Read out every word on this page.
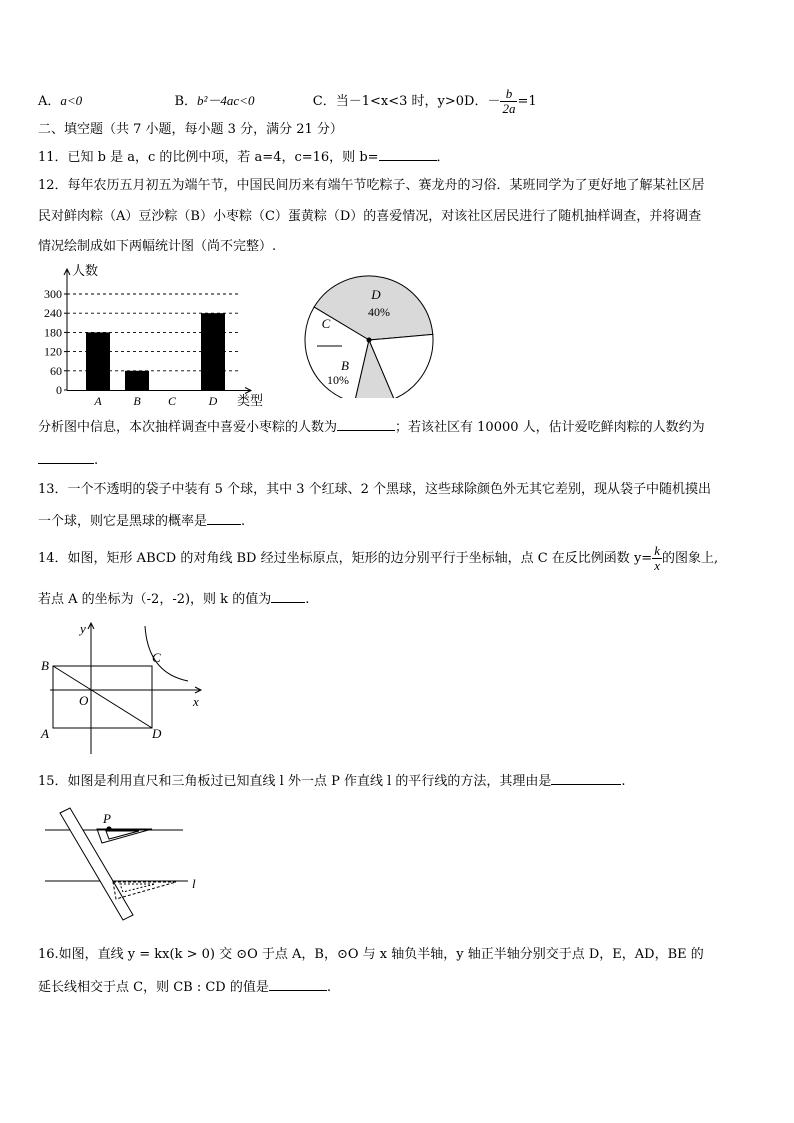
A．a<0	B．b²－4ac<0	C．当－1<x<3 时，y>0D．－ $\frac{b}{2a} =1$
二、填空题（共 7 小题，每小题 3 分，满分 21 分）
11．已知 b 是 a，c 的比例中项，若 a=4，c=16，则 b=	．
12．每年农历五月初五为端午节，中国民间历来有端午节吃粽子、赛龙舟的习俗．某班同学为了更好地了解某社区居
民对鲜肉粽（A）豆沙粽（B）小枣粽（C）蛋黄粽（D）的喜爱情况，对该社区居民进行了随机抽样调查，并将调查
情况绘制成如下两幅统计图（尚不完整）.
0
60
120
180
240
300
人数
类型
A	B C	D
D
40%
B
10%
C
分析图中信息，本次抽样调查中喜爱小枣粽的人数为	；若该社区有 10000 人，估计爱吃鲜肉粽的人数约为
.
13．一个不透明的袋子中装有 5 个球，其中 3 个红球、2 个黑球，这些球除颜色外无其它差别，现从袋子中随机摸出
一个球，则它是黑球的概率是	.
14．如图，矩形 ABCD 的对角线 BD 经过坐标原点，矩形的边分别平行于坐标轴，点 C 在反比例函数 $y= \frac{k}{x}$ 的图象上,
若点 A 的坐标为（-2，-2)，则 k 的值为	.
y
x
O
B
C
A	D
15．如图是利用直尺和三角板过已知直线 l 外一点 P 作直线 l 的平行线的方法，其理由是	.
P
l
16.如图，直线 y = kx(k > 0) 交 ⊙O 于点 A，B，⊙O 与 x 轴负半轴，y 轴正半轴分别交于点 D，E，AD，BE 的
延长线相交于点 C，则 CB : CD 的值是	.
